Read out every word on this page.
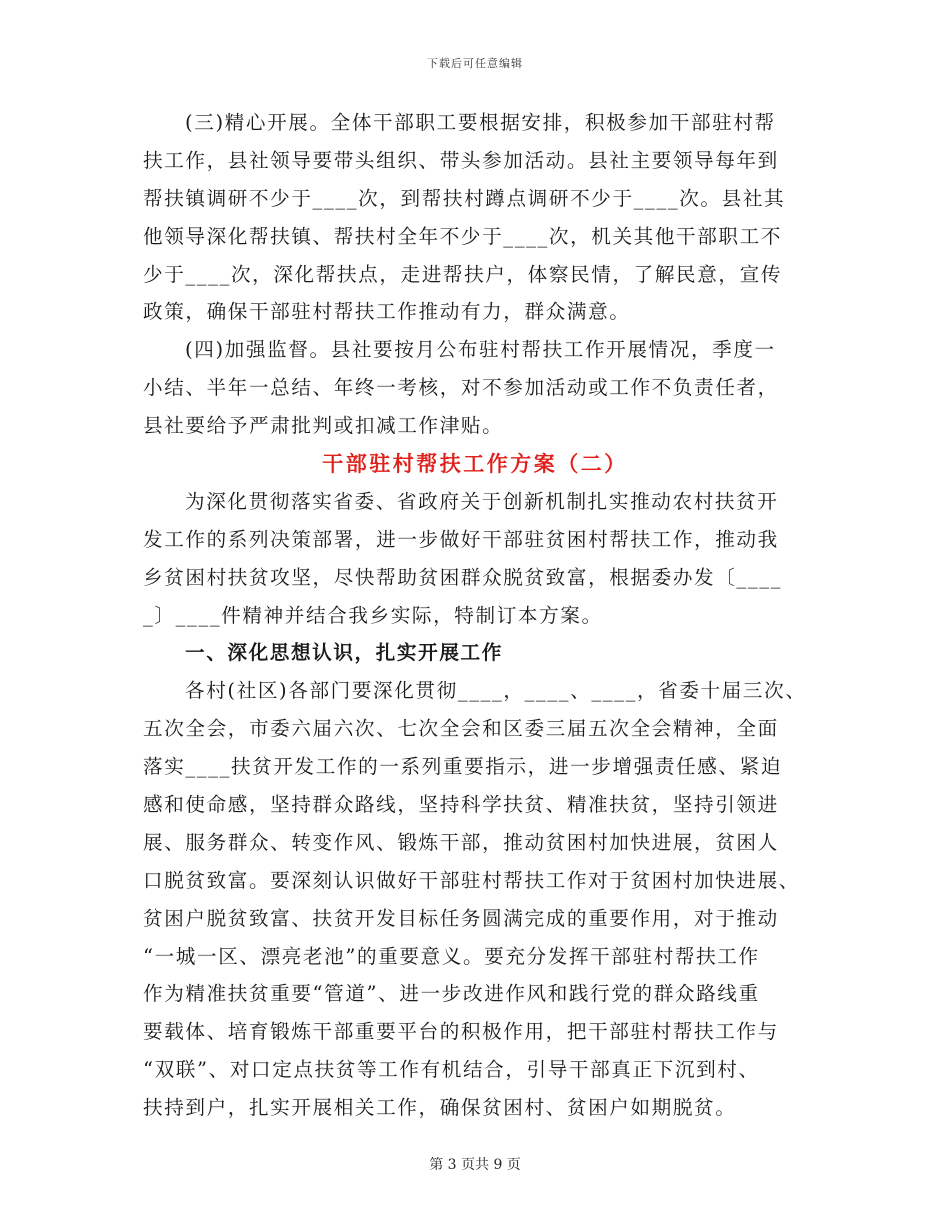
下载后可任意编辑
(三)精心开展。全体干部职工要根据安排，积极参加干部驻村帮
扶工作，县社领导要带头组织、带头参加活动。县社主要领导每年到
帮扶镇调研不少于____次，到帮扶村蹲点调研不少于____次。县社其
他领导深化帮扶镇、帮扶村全年不少于____次，机关其他干部职工不
少于____次，深化帮扶点，走进帮扶户，体察民情，了解民意，宣传
政策，确保干部驻村帮扶工作推动有力，群众满意。
(四)加强监督。县社要按月公布驻村帮扶工作开展情况，季度一
小结、半年一总结、年终一考核，对不参加活动或工作不负责任者，
县社要给予严肃批判或扣减工作津贴。
干部驻村帮扶工作方案（二）
为深化贯彻落实省委、省政府关于创新机制扎实推动农村扶贫开
发工作的系列决策部署，进一步做好干部驻贫困村帮扶工作，推动我
乡贫困村扶贫攻坚，尽快帮助贫困群众脱贫致富，根据委办发〔____
_〕____件精神并结合我乡实际，特制订本方案。
一、深化思想认识，扎实开展工作
各村(社区)各部门要深化贯彻____，____、____，省委十届三次、
五次全会，市委六届六次、七次全会和区委三届五次全会精神，全面
落实____扶贫开发工作的一系列重要指示，进一步增强责任感、紧迫
感和使命感，坚持群众路线，坚持科学扶贫、精准扶贫，坚持引领进
展、服务群众、转变作风、锻炼干部，推动贫困村加快进展，贫困人
口脱贫致富。要深刻认识做好干部驻村帮扶工作对于贫困村加快进展、
贫困户脱贫致富、扶贫开发目标任务圆满完成的重要作用，对于推动
“一城一区、漂亮老池”的重要意义。要充分发挥干部驻村帮扶工作
作为精准扶贫重要“管道”、进一步改进作风和践行党的群众路线重
要载体、培育锻炼干部重要平台的积极作用，把干部驻村帮扶工作与
“双联”、对口定点扶贫等工作有机结合，引导干部真正下沉到村、
扶持到户，扎实开展相关工作，确保贫困村、贫困户如期脱贫。
第 3 页共 9 页
